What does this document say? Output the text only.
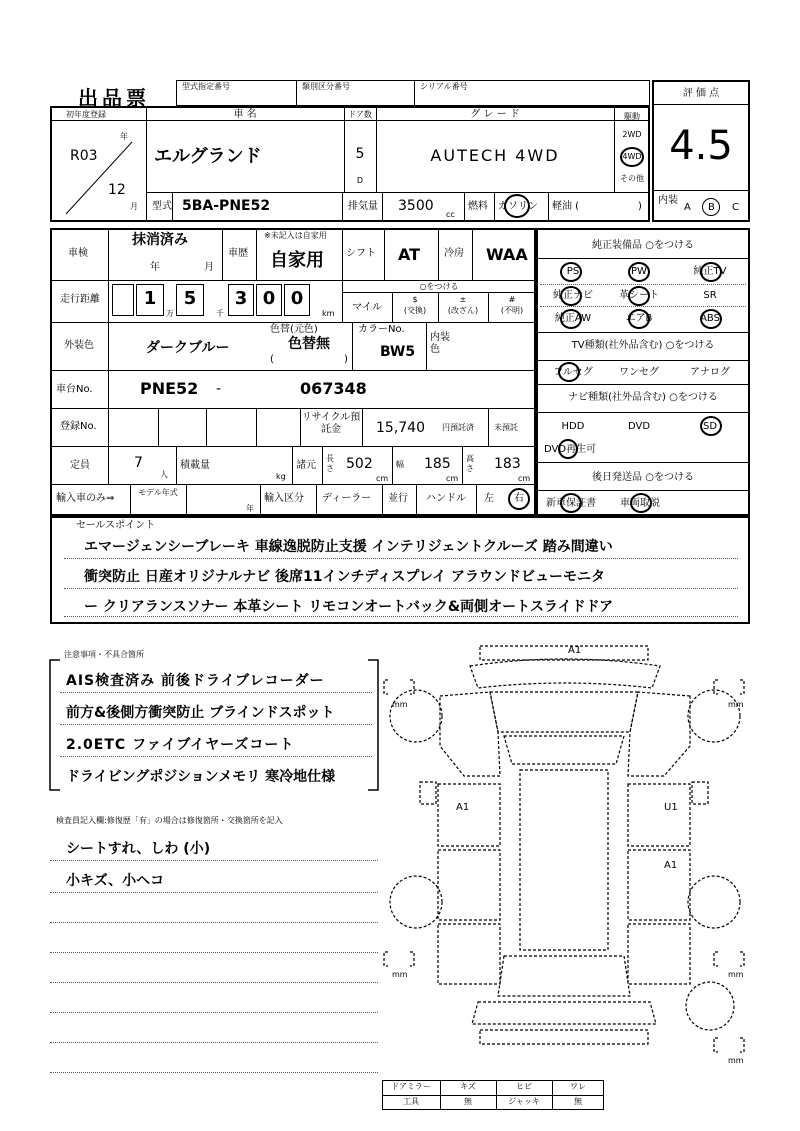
出品票	型式指定番号	類別区分番号	シリアル番号
評 価 点
4.5
内装
A B C
初年度登録
R03
年
12
月
車 名
エルグランド
型式 5BA-PNE52
ドア数
5
D
グ レ ー ド
AUTECH 4WD
駆動
2WD
4WD
その他
排気量 3500
cc
燃料 ガソリン 軽油 (	)
車検
抹消済み
年	月
車歴
※未記入は自家用
自家用 シフト AT 冷房 WAA
走行距離	1	5	3 0 0
万	千	km
○をつける
マイル
$
(交換)
±
(改ざん)
#
(不明)
外装色	ダークブルー
色替(元色)
色替無
(	)
カラーNo.
BW5
内装色
車台No.	PNE52 -	067348
登録No.
リサイクル預託金	15,740 円預託済	未預託
定員	7
人
積載量
kg
諸元
長さ 502
cm
幅 185
cm
高さ 183
cm
輸入車のみ⇒
モデル年式
年
輸入区分 ディーラー 並行 ハンドル 左 右
純正装備品 ○をつける
PS	PW	純正TV
純正ナビ	革シート	SR
純正AW	エアB	ABS
TV種類(社外品含む) ○をつける
フルセグ	ワンセグ	アナログ
ナビ種類(社外品含む) ○をつける
HDD	DVD	SD
DVD再生可
後日発送品 ○をつける
新車保証書 車両取説
セールスポイント
エマージェンシーブレーキ 車線逸脱防止支援 インテリジェントクルーズ 踏み間違い
衝突防止 日産オリジナルナビ 後席11インチディスプレイ アラウンドビューモニタ
ー クリアランスソナー 本革シート リモコンオートバック&両側オートスライドドア
注意事項・不具合箇所
AIS検査済み 前後ドライブレコーダー
前方&後側方衝突防止 ブラインドスポット
2.0ETC ファイブイヤーズコート
ドライビングポジションメモリ 寒冷地仕様
検査員記入欄:修復歴「有」の場合は修復箇所・交換箇所を記入
シートすれ、しわ (小)
小キズ、小ヘコ
A1
A1	U1
A1
mm	mm
mm	mm
mm
ドアミラー	キズ	ヒビ	ワレ
工具	無	ジャッキ	無
